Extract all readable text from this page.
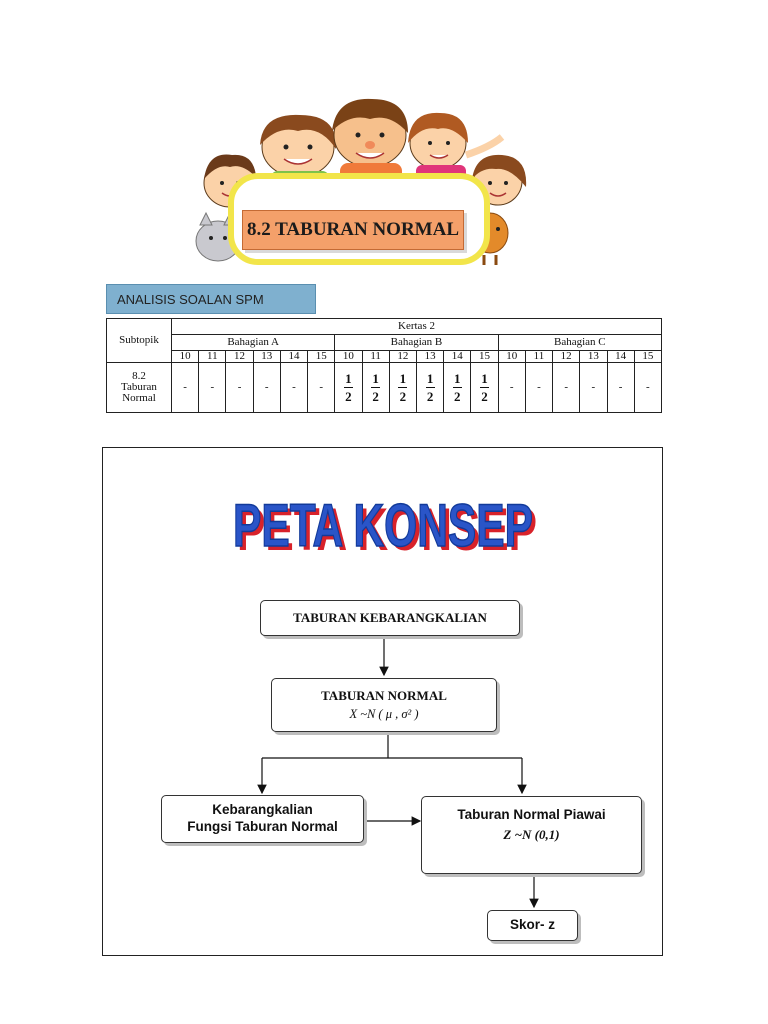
8.2 TABURAN NORMAL
ANALISIS SOALAN SPM
Subtopik	Kertas 2																	
	Bahagian A						Bahagian B						Bahagian C					
	10	11	12	13	14	15	10	11	12	13	14	15	10	11	12	13	14	15
8.2
Taburan
Normal	-	-	-	-	-	-	$\frac{1}{2}$	$\frac{1}{2}$	$\frac{1}{2}$	$\frac{1}{2}$	$\frac{1}{2}$	$\frac{1}{2}$	-	-	-	-	-	-
PETA KONSEP
PETA KONSEP
TABURAN KEBARANGKALIAN
TABURAN NORMAL
X ~N ( μ , σ² )
Kebarangkalian
Fungsi Taburan Normal
Taburan Normal Piawai
Z ~N (0,1)
Skor- z
